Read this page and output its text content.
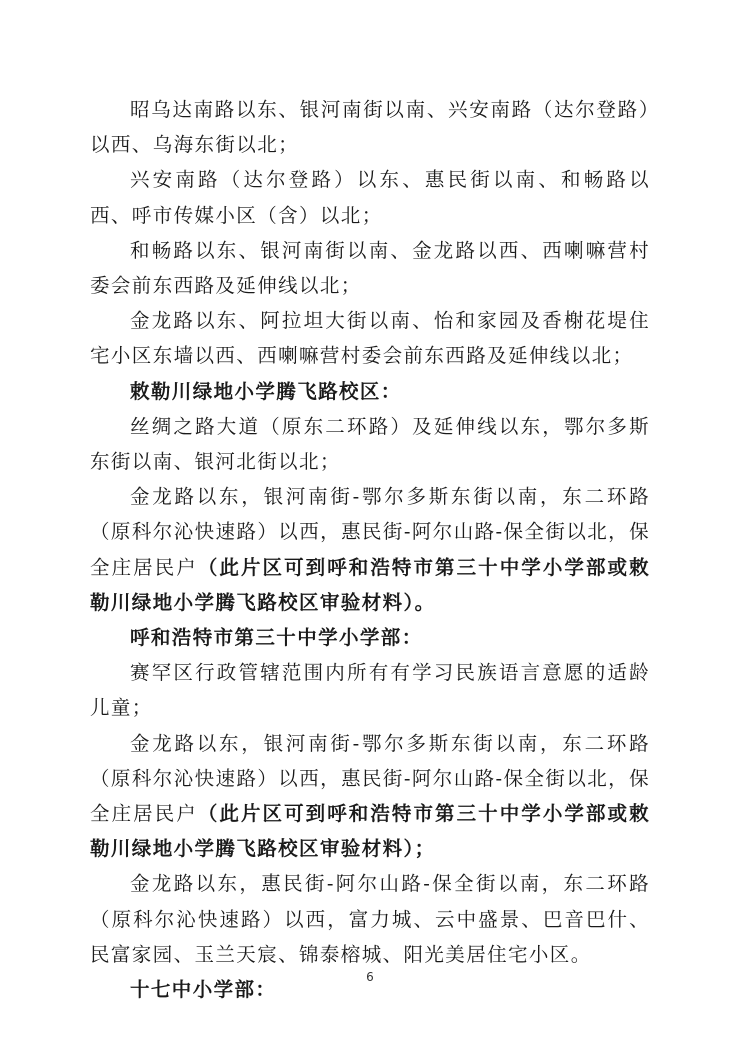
昭乌达南路以东、银河南街以南、兴安南路（达尔登路）以西、乌海东街以北；

兴安南路（达尔登路）以东、惠民街以南、和畅路以西、呼市传媒小区（含）以北；

和畅路以东、银河南街以南、金龙路以西、西喇嘛营村委会前东西路及延伸线以北；

金龙路以东、阿拉坦大街以南、怡和家园及香榭花堤住宅小区东墙以西、西喇嘛营村委会前东西路及延伸线以北；

敕勒川绿地小学腾飞路校区：

丝绸之路大道（原东二环路）及延伸线以东，鄂尔多斯东街以南、银河北街以北；

金龙路以东，银河南街-鄂尔多斯东街以南，东二环路（原科尔沁快速路）以西，惠民街-阿尔山路-保全街以北，保全庄居民户（此片区可到呼和浩特市第三十中学小学部或敕勒川绿地小学腾飞路校区审验材料）。

呼和浩特市第三十中学小学部：

赛罕区行政管辖范围内所有有学习民族语言意愿的适龄儿童；

金龙路以东，银河南街-鄂尔多斯东街以南，东二环路（原科尔沁快速路）以西，惠民街-阿尔山路-保全街以北，保全庄居民户（此片区可到呼和浩特市第三十中学小学部或敕勒川绿地小学腾飞路校区审验材料）；

金龙路以东，惠民街-阿尔山路-保全街以南，东二环路（原科尔沁快速路）以西，富力城、云中盛景、巴音巴什、民富家园、玉兰天宸、锦泰榕城、阳光美居住宅小区。

十七中小学部：

6
